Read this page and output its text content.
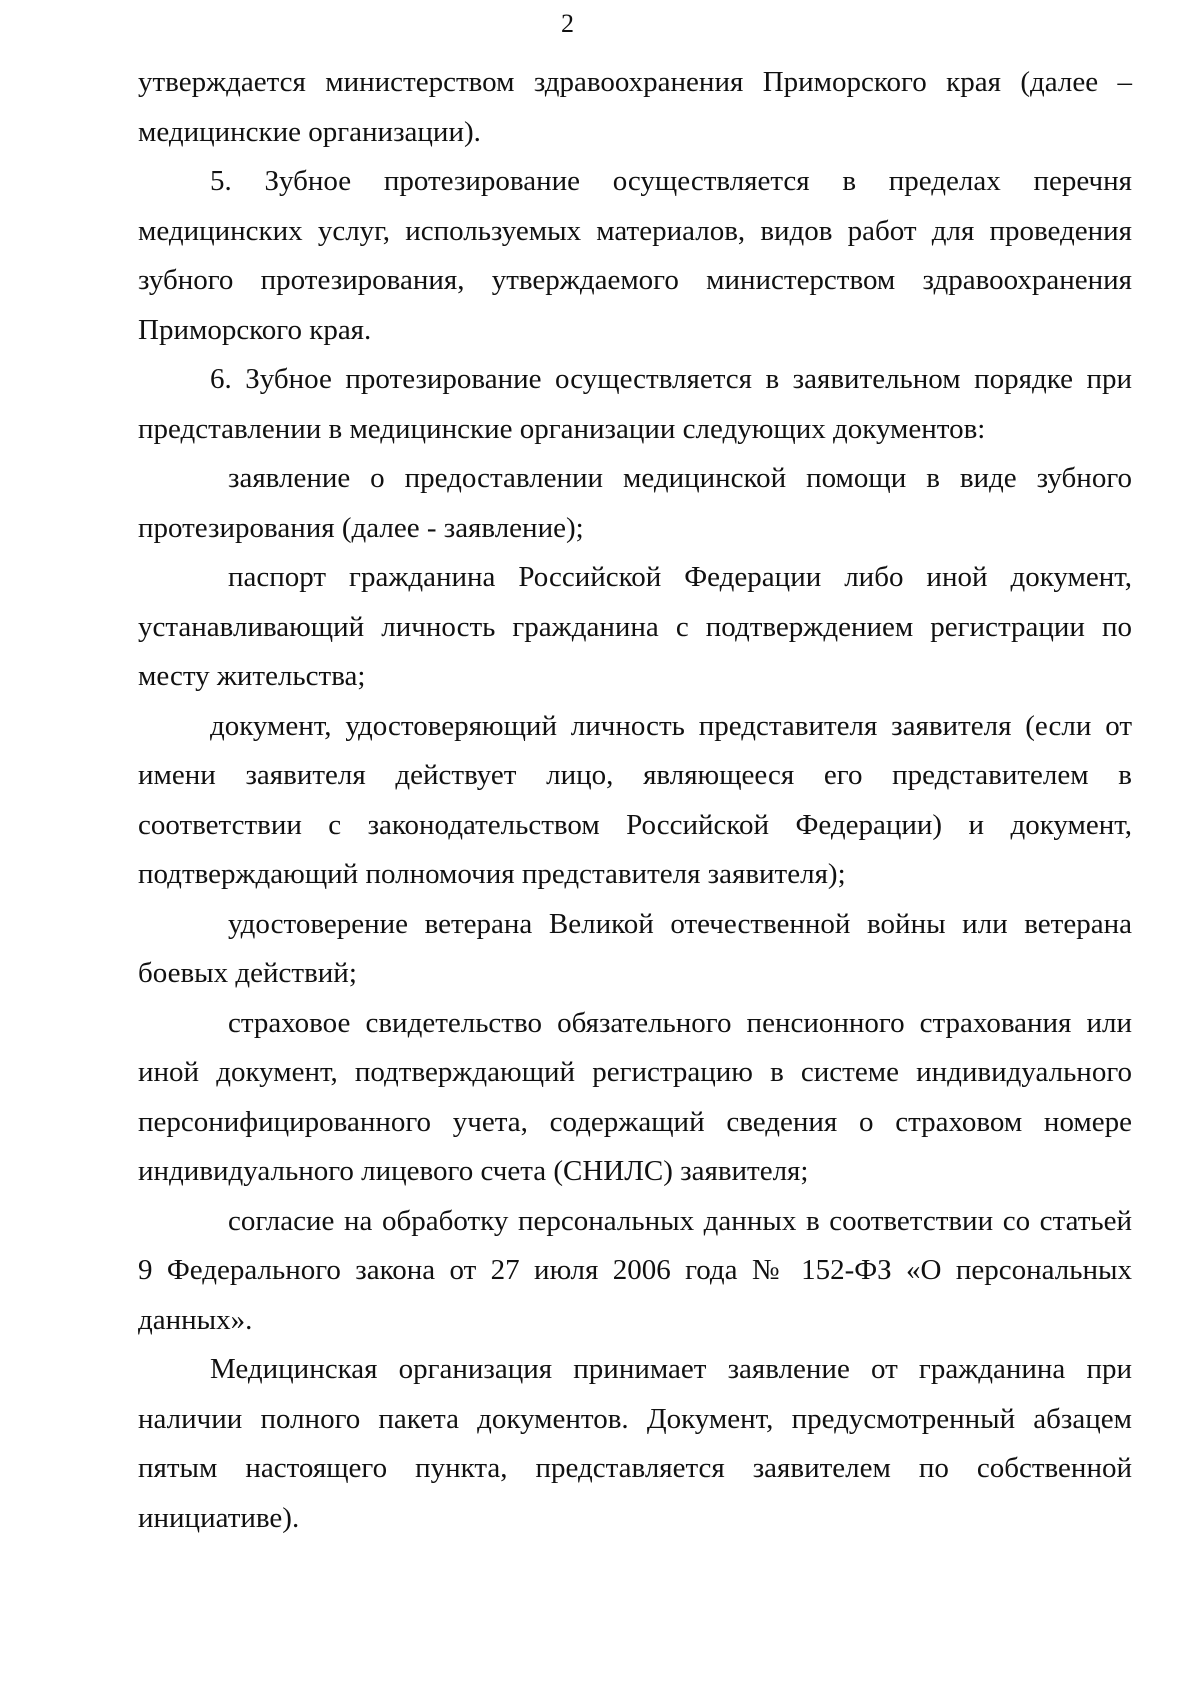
2

утверждается министерством здравоохранения Приморского края (далее – медицинские организации).

5. Зубное протезирование осуществляется в пределах перечня медицинских услуг, используемых материалов, видов работ для проведения зубного протезирования, утверждаемого министерством здравоохранения Приморского края.

6. Зубное протезирование осуществляется в заявительном порядке при представлении в медицинские организации следующих документов:

заявление о предоставлении медицинской помощи в виде зубного протезирования (далее - заявление);

паспорт гражданина Российской Федерации либо иной документ, устанавливающий личность гражданина с подтверждением регистрации по месту жительства;

документ, удостоверяющий личность представителя заявителя (если от имени заявителя действует лицо, являющееся его представителем в соответствии с законодательством Российской Федерации) и документ, подтверждающий полномочия представителя заявителя);

удостоверение ветерана Великой отечественной войны или ветерана боевых действий;

страховое свидетельство обязательного пенсионного страхования или иной документ, подтверждающий регистрацию в системе индивидуального персонифицированного учета, содержащий сведения о страховом номере индивидуального лицевого счета (СНИЛС) заявителя;

согласие на обработку персональных данных в соответствии со статьей 9 Федерального закона от 27 июля 2006 года № 152-ФЗ «О персональных данных».

Медицинская организация принимает заявление от гражданина при наличии полного пакета документов. Документ, предусмотренный абзацем пятым настоящего пункта, представляется заявителем по собственной инициативе).
